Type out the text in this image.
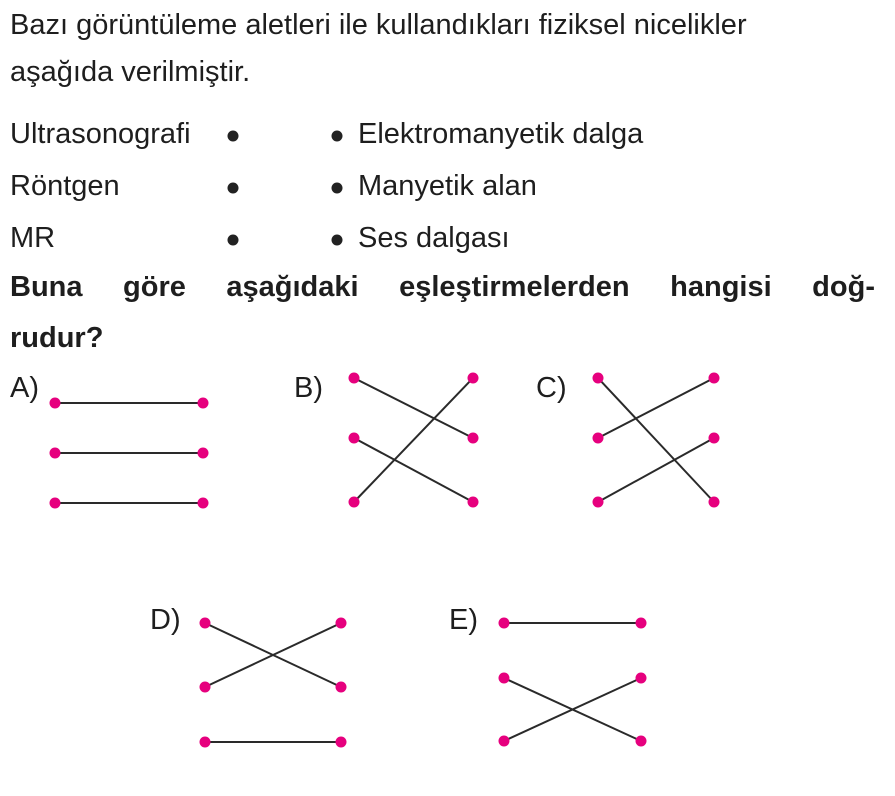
Bazı görüntüleme aletleri ile kullandıkları fiziksel nicelikler
aşağıda verilmiştir.
Ultrasonografi
Röntgen
MR
Elektromanyetik dalga
Manyetik alan
Ses dalgası
Buna göre aşağıdaki eşleştirmelerden hangisi doğ-
rudur?
A)	B)	C)
D)	E)
